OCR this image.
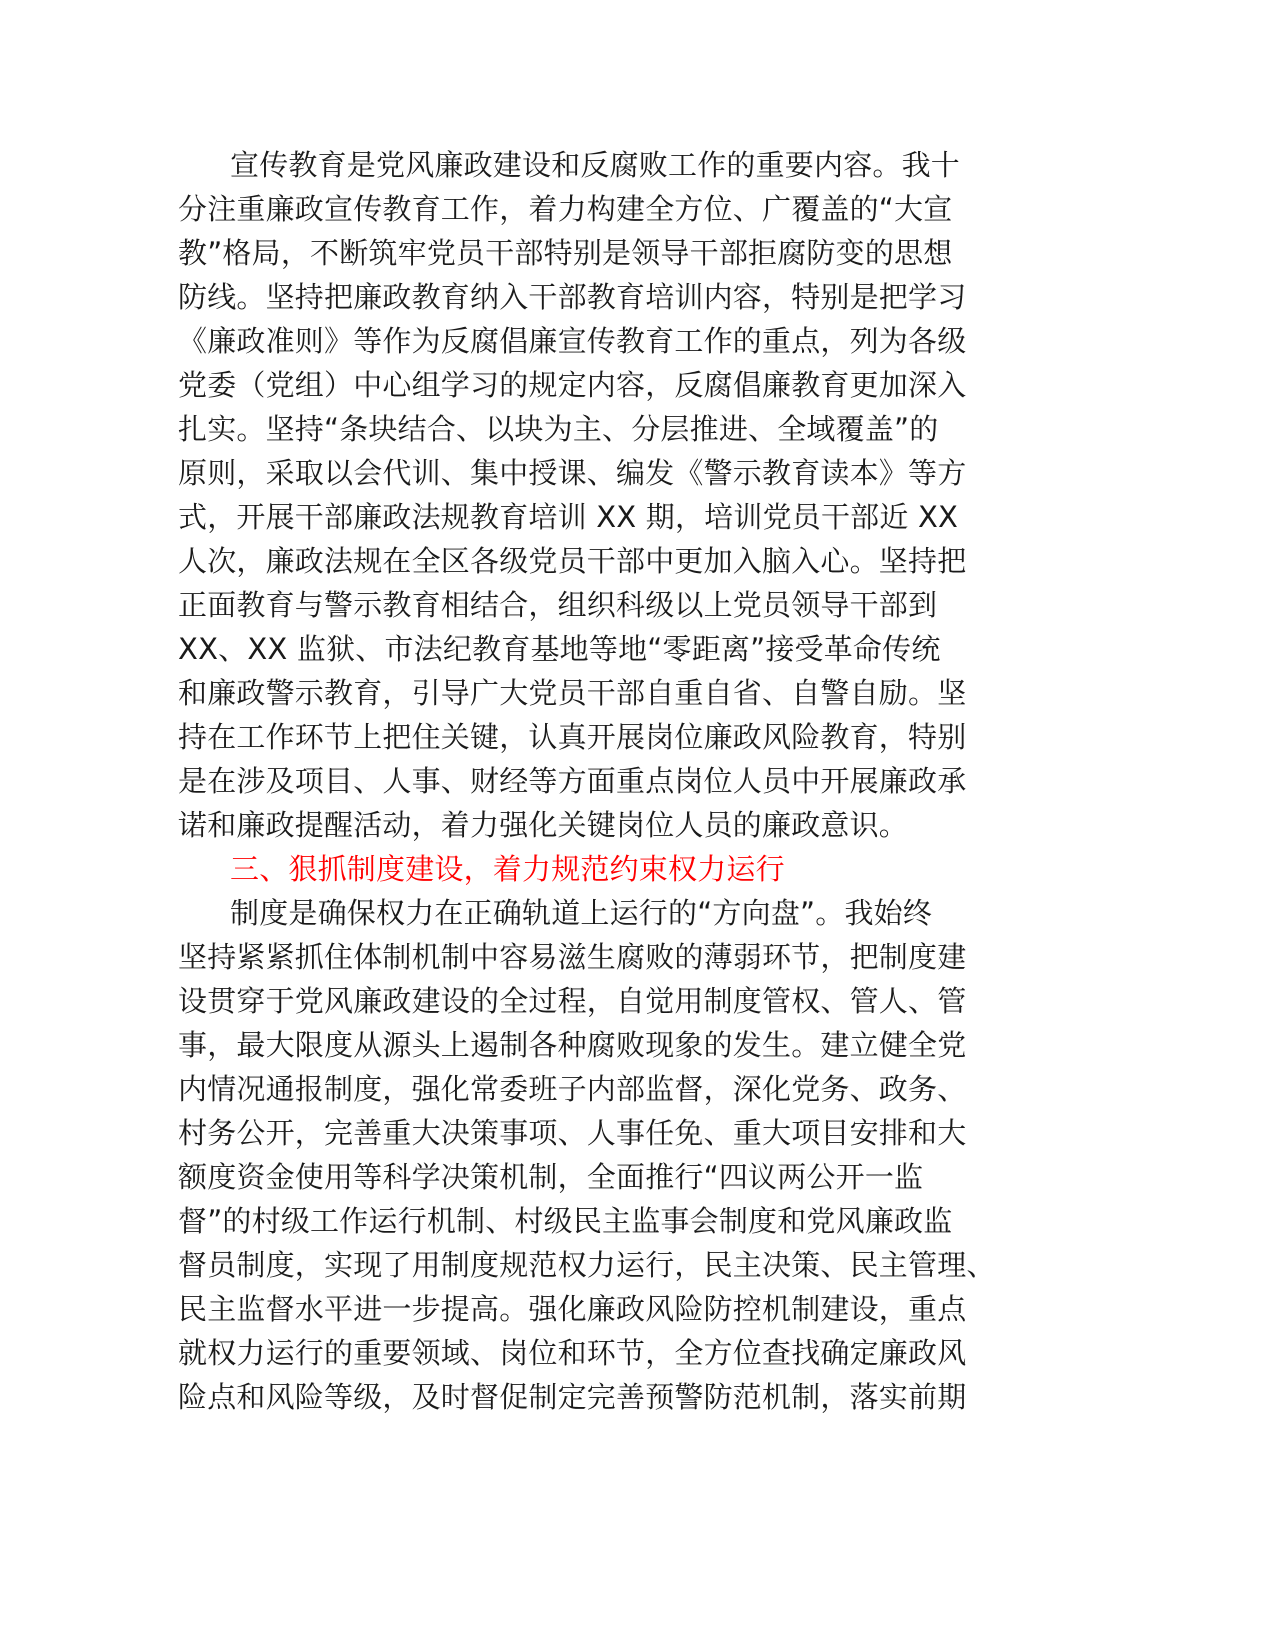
宣传教育是党风廉政建设和反腐败工作的重要内容。我十
分注重廉政宣传教育工作，着力构建全方位、广覆盖的“大宣
教”格局，不断筑牢党员干部特别是领导干部拒腐防变的思想
防线。坚持把廉政教育纳入干部教育培训内容，特别是把学习
《廉政准则》等作为反腐倡廉宣传教育工作的重点，列为各级
党委（党组）中心组学习的规定内容，反腐倡廉教育更加深入
扎实。坚持“条块结合、以块为主、分层推进、全域覆盖”的
原则，采取以会代训、集中授课、编发《警示教育读本》等方
式，开展干部廉政法规教育培训 XX 期，培训党员干部近 XX
人次，廉政法规在全区各级党员干部中更加入脑入心。坚持把
正面教育与警示教育相结合，组织科级以上党员领导干部到
XX、XX 监狱、市法纪教育基地等地“零距离”接受革命传统
和廉政警示教育，引导广大党员干部自重自省、自警自励。坚
持在工作环节上把住关键，认真开展岗位廉政风险教育，特别
是在涉及项目、人事、财经等方面重点岗位人员中开展廉政承
诺和廉政提醒活动，着力强化关键岗位人员的廉政意识。
三、狠抓制度建设，着力规范约束权力运行
制度是确保权力在正确轨道上运行的“方向盘”。我始终
坚持紧紧抓住体制机制中容易滋生腐败的薄弱环节，把制度建
设贯穿于党风廉政建设的全过程，自觉用制度管权、管人、管
事，最大限度从源头上遏制各种腐败现象的发生。建立健全党
内情况通报制度，强化常委班子内部监督，深化党务、政务、
村务公开，完善重大决策事项、人事任免、重大项目安排和大
额度资金使用等科学决策机制，全面推行“四议两公开一监
督”的村级工作运行机制、村级民主监事会制度和党风廉政监
督员制度，实现了用制度规范权力运行，民主决策、民主管理、
民主监督水平进一步提高。强化廉政风险防控机制建设，重点
就权力运行的重要领域、岗位和环节，全方位查找确定廉政风
险点和风险等级，及时督促制定完善预警防范机制，落实前期
